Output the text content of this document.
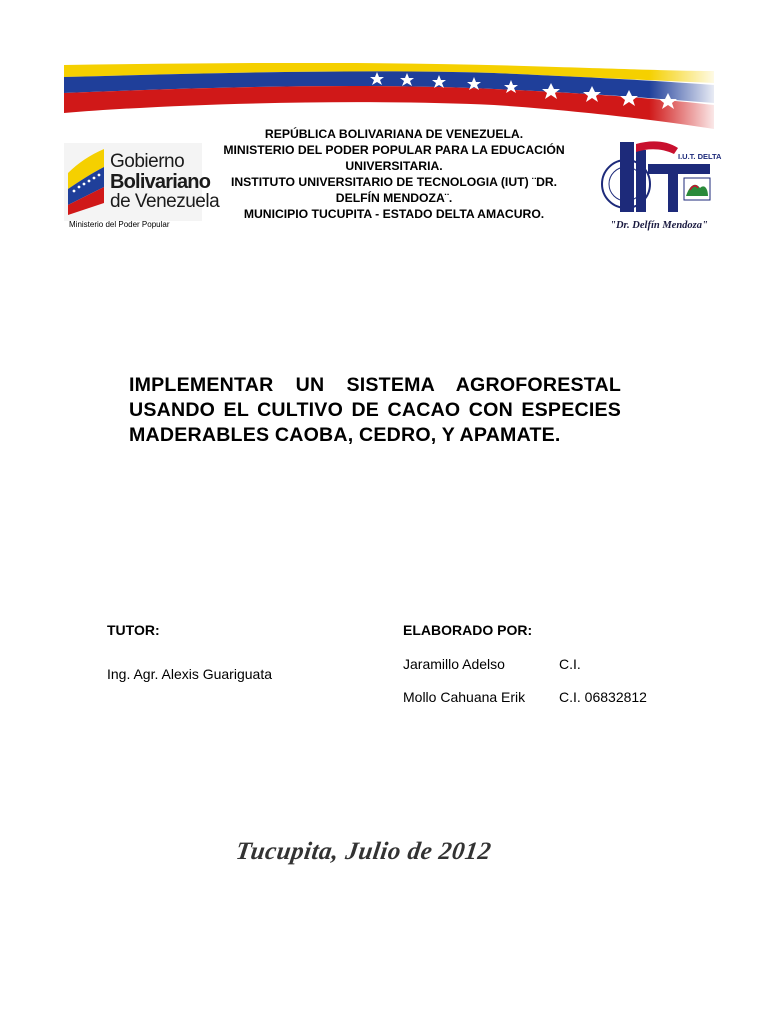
Gobierno
Bolivariano
de Venezuela
Ministerio del Poder Popular
REPÚBLICA BOLIVARIANA DE VENEZUELA.
MINISTERIO DEL PODER POPULAR PARA LA EDUCACIÓN UNIVERSITARIA.
INSTITUTO UNIVERSITARIO DE TECNOLOGIA (IUT) ¨DR. DELFÍN MENDOZA¨.
MUNICIPIO TUCUPITA - ESTADO DELTA AMACURO.
I.U.T. DELTA
"Dr. Delfín Mendoza"
IMPLEMENTAR UN SISTEMA AGROFORESTAL USANDO EL CULTIVO DE CACAO CON ESPECIES MADERABLES CAOBA, CEDRO, Y APAMATE.
TUTOR:
Ing. Agr. Alexis Guariguata
ELABORADO POR:
Jaramillo Adelso	C.I.
Mollo Cahuana Erik C.I. 06832812
Tucupita, Julio de 2012
